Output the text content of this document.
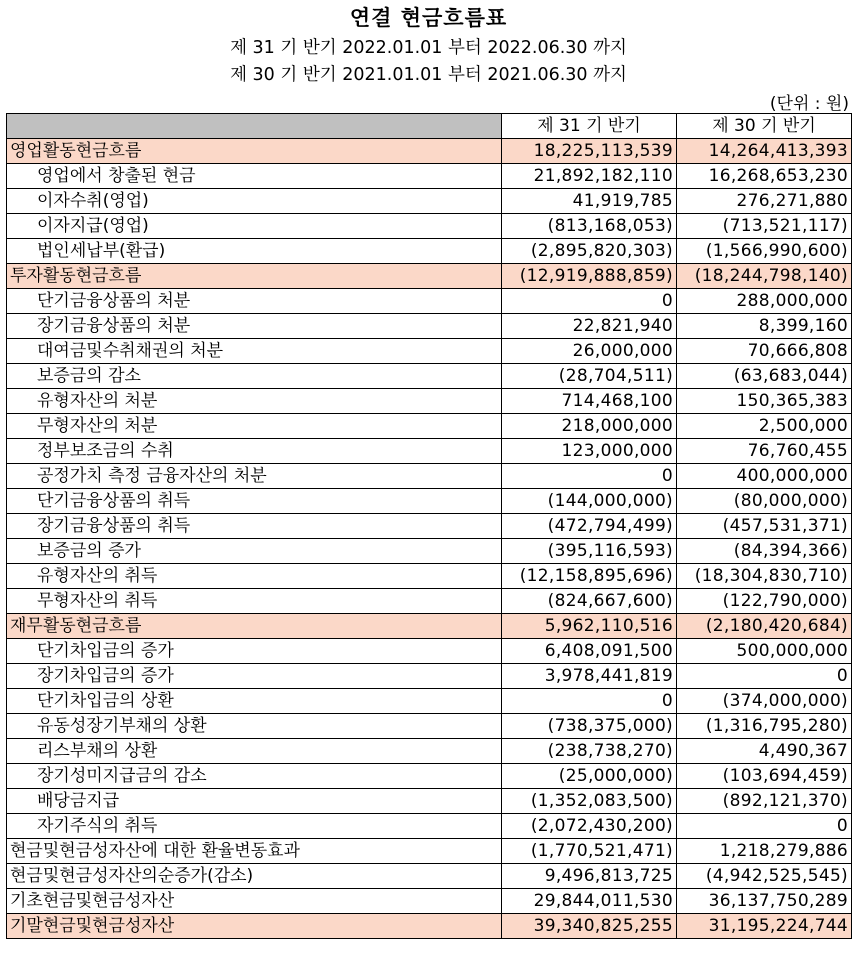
연결 현금흐름표
제 31 기 반기 2022.01.01 부터 2022.06.30 까지
제 30 기 반기 2021.01.01 부터 2021.06.30 까지
(단위 : 원)
	제 31 기 반기	제 30 기 반기
영업활동현금흐름	18,225,113,539	14,264,413,393
영업에서 창출된 현금	21,892,182,110	16,268,653,230
이자수취(영업)	41,919,785	276,271,880
이자지급(영업)	(813,168,053)	(713,521,117)
법인세납부(환급)	(2,895,820,303)	(1,566,990,600)
투자활동현금흐름	(12,919,888,859)	(18,244,798,140)
단기금융상품의 처분	0	288,000,000
장기금융상품의 처분	22,821,940	8,399,160
대여금및수취채권의 처분	26,000,000	70,666,808
보증금의 감소	(28,704,511)	(63,683,044)
유형자산의 처분	714,468,100	150,365,383
무형자산의 처분	218,000,000	2,500,000
정부보조금의 수취	123,000,000	76,760,455
공정가치 측정 금융자산의 처분	0	400,000,000
단기금융상품의 취득	(144,000,000)	(80,000,000)
장기금융상품의 취득	(472,794,499)	(457,531,371)
보증금의 증가	(395,116,593)	(84,394,366)
유형자산의 취득	(12,158,895,696)	(18,304,830,710)
무형자산의 취득	(824,667,600)	(122,790,000)
재무활동현금흐름	5,962,110,516	(2,180,420,684)
단기차입금의 증가	6,408,091,500	500,000,000
장기차입금의 증가	3,978,441,819	0
단기차입금의 상환	0	(374,000,000)
유동성장기부채의 상환	(738,375,000)	(1,316,795,280)
리스부채의 상환	(238,738,270)	4,490,367
장기성미지급금의 감소	(25,000,000)	(103,694,459)
배당금지급	(1,352,083,500)	(892,121,370)
자기주식의 취득	(2,072,430,200)	0
현금및현금성자산에 대한 환율변동효과	(1,770,521,471)	1,218,279,886
현금및현금성자산의순증가(감소)	9,496,813,725	(4,942,525,545)
기초현금및현금성자산	29,844,011,530	36,137,750,289
기말현금및현금성자산	39,340,825,255	31,195,224,744
